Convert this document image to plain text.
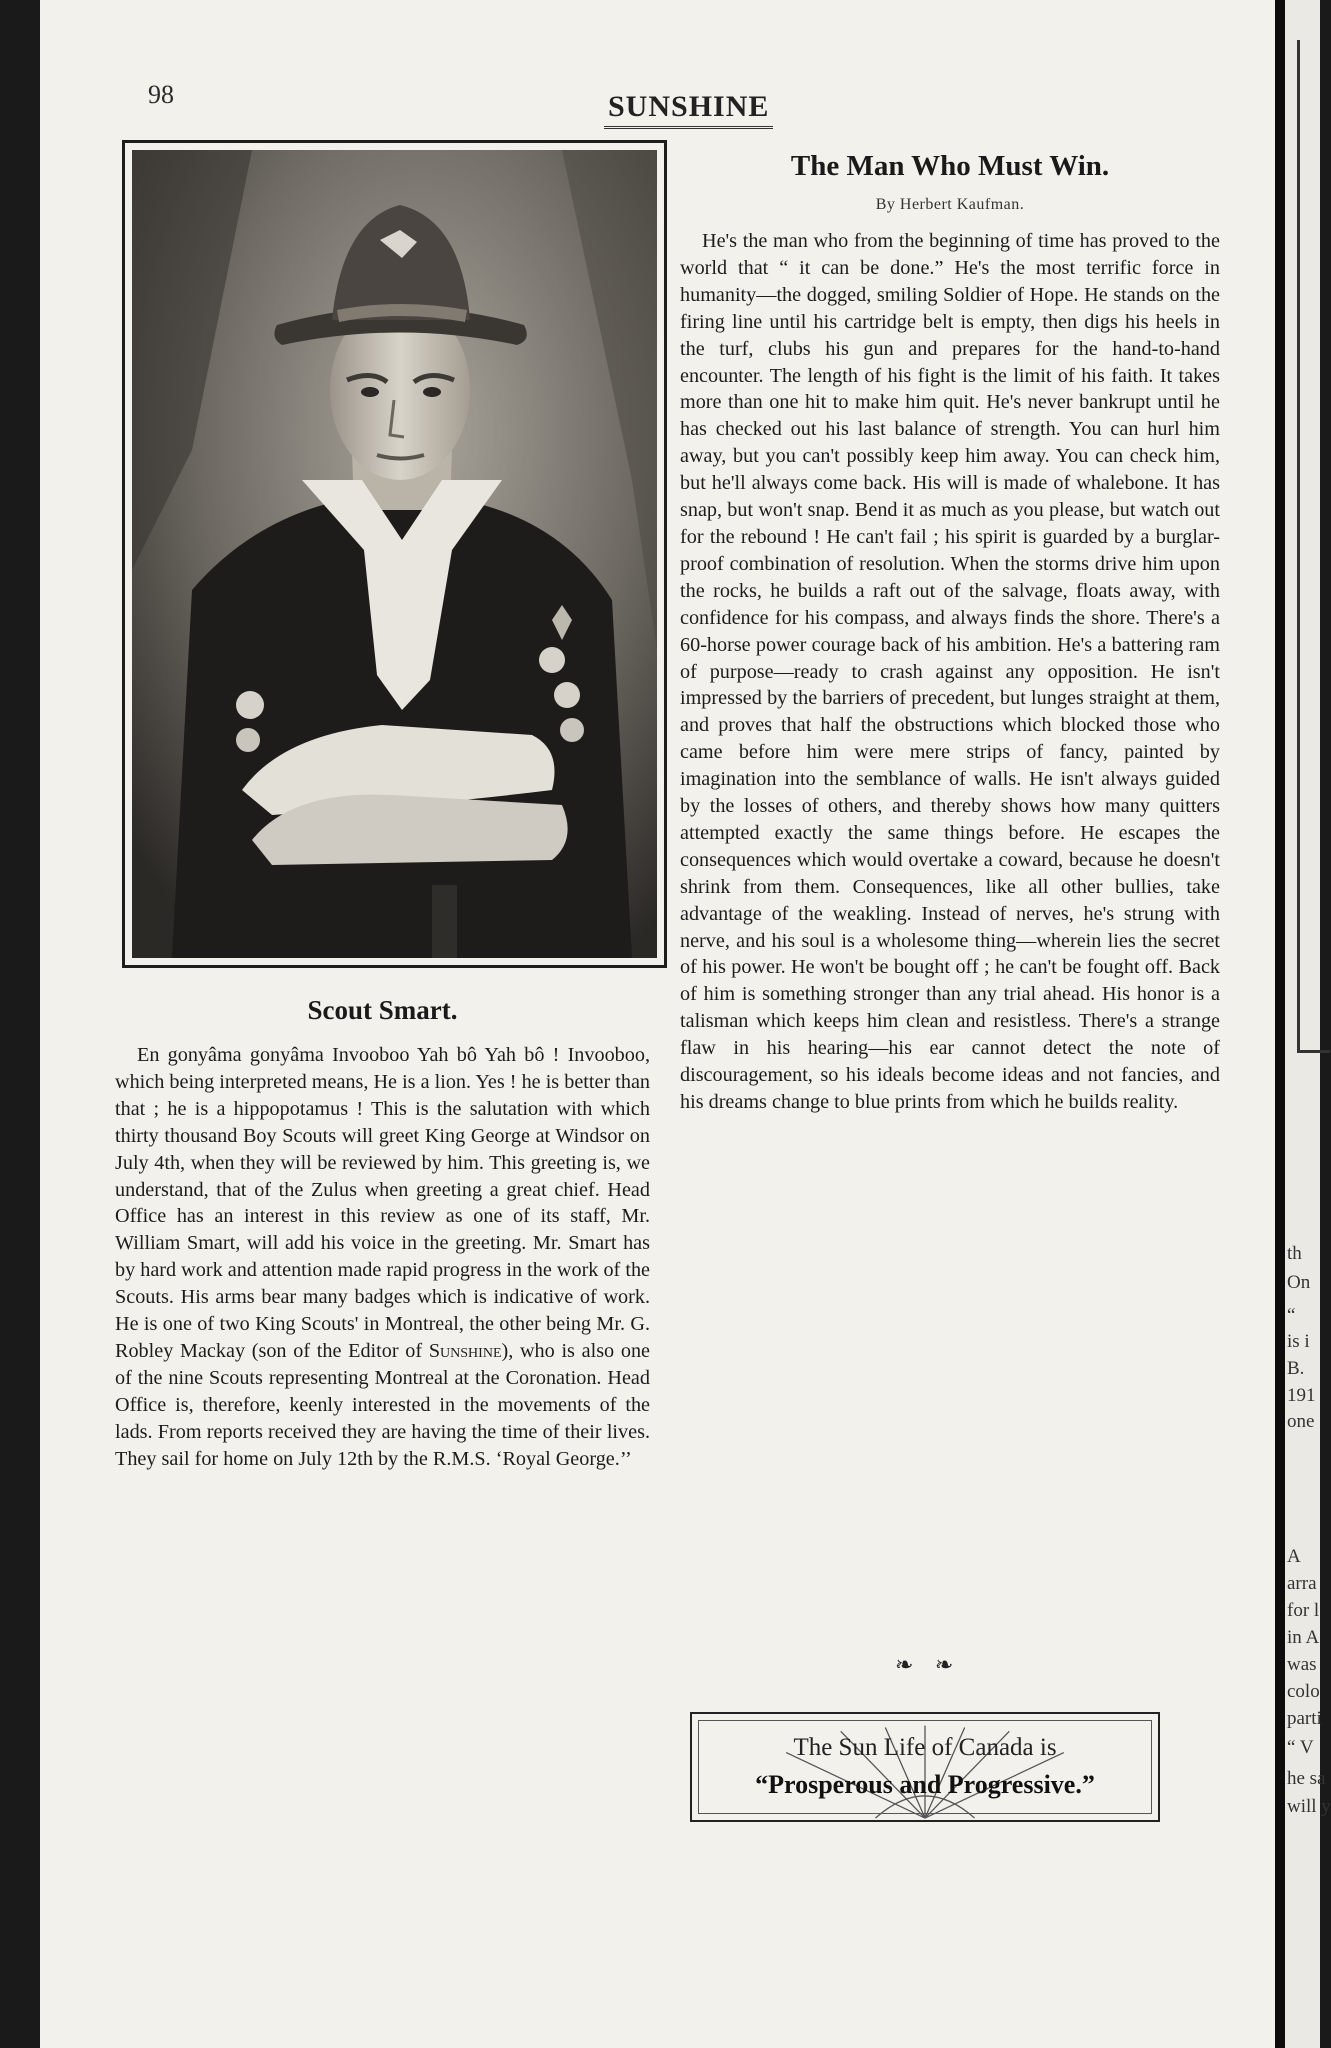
th
On
“
is i
B.
191
one
A
arra
for l
in A
was
colo
parti
“ V
he sa
will y
98	SUNSHINE
Scout Smart.

En gonyâma gonyâma Invooboo Yah bô Yah bô ! Invooboo, which being interpreted means, He is a lion. Yes ! he is better than that ; he is a hippopotamus ! This is the salutation with which thirty thousand Boy Scouts will greet King George at Windsor on July 4th, when they will be reviewed by him. This greeting is, we understand, that of the Zulus when greeting a great chief. Head Office has an interest in this review as one of its staff, Mr. William Smart, will add his voice in the greeting. Mr. Smart has by hard work and attention made rapid progress in the work of the Scouts. His arms bear many badges which is indicative of work. He is one of two King Scouts' in Montreal, the other being Mr. G. Robley Mackay (son of the Editor of Sunshine), who is also one of the nine Scouts representing Montreal at the Coronation. Head Office is, therefore, keenly interested in the movements of the lads. From reports received they are having the time of their lives. They sail for home on July 12th by the R.M.S. ‘Royal George.’’

The Man Who Must Win.
By Herbert Kaufman.

He's the man who from the beginning of time has proved to the world that “ it can be done.” He's the most terrific force in humanity—the dogged, smiling Soldier of Hope. He stands on the firing line until his cartridge belt is empty, then digs his heels in the turf, clubs his gun and prepares for the hand-to-hand encounter. The length of his fight is the limit of his faith. It takes more than one hit to make him quit. He's never bankrupt until he has checked out his last balance of strength. You can hurl him away, but you can't possibly keep him away. You can check him, but he'll always come back. His will is made of whalebone. It has snap, but won't snap. Bend it as much as you please, but watch out for the rebound ! He can't fail ; his spirit is guarded by a burglar-proof combination of resolution. When the storms drive him upon the rocks, he builds a raft out of the salvage, floats away, with confidence for his compass, and always finds the shore. There's a 60-horse power courage back of his ambition. He's a battering ram of purpose—ready to crash against any opposition. He isn't impressed by the barriers of precedent, but lunges straight at them, and proves that half the obstructions which blocked those who came before him were mere strips of fancy, painted by imagination into the semblance of walls. He isn't always guided by the losses of others, and thereby shows how many quitters attempted exactly the same things before. He escapes the consequences which would overtake a coward, because he doesn't shrink from them. Consequences, like all other bullies, take advantage of the weakling. Instead of nerves, he's strung with nerve, and his soul is a wholesome thing—wherein lies the secret of his power. He won't be bought off ; he can't be fought off. Back of him is something stronger than any trial ahead. His honor is a talisman which keeps him clean and resistless. There's a strange flaw in his hearing—his ear cannot detect the note of discouragement, so his ideals become ideas and not fancies, and his dreams change to blue prints from which he builds reality.

❧ ❧
The Sun Life of Canada is
“Prosperous and Progressive.”
